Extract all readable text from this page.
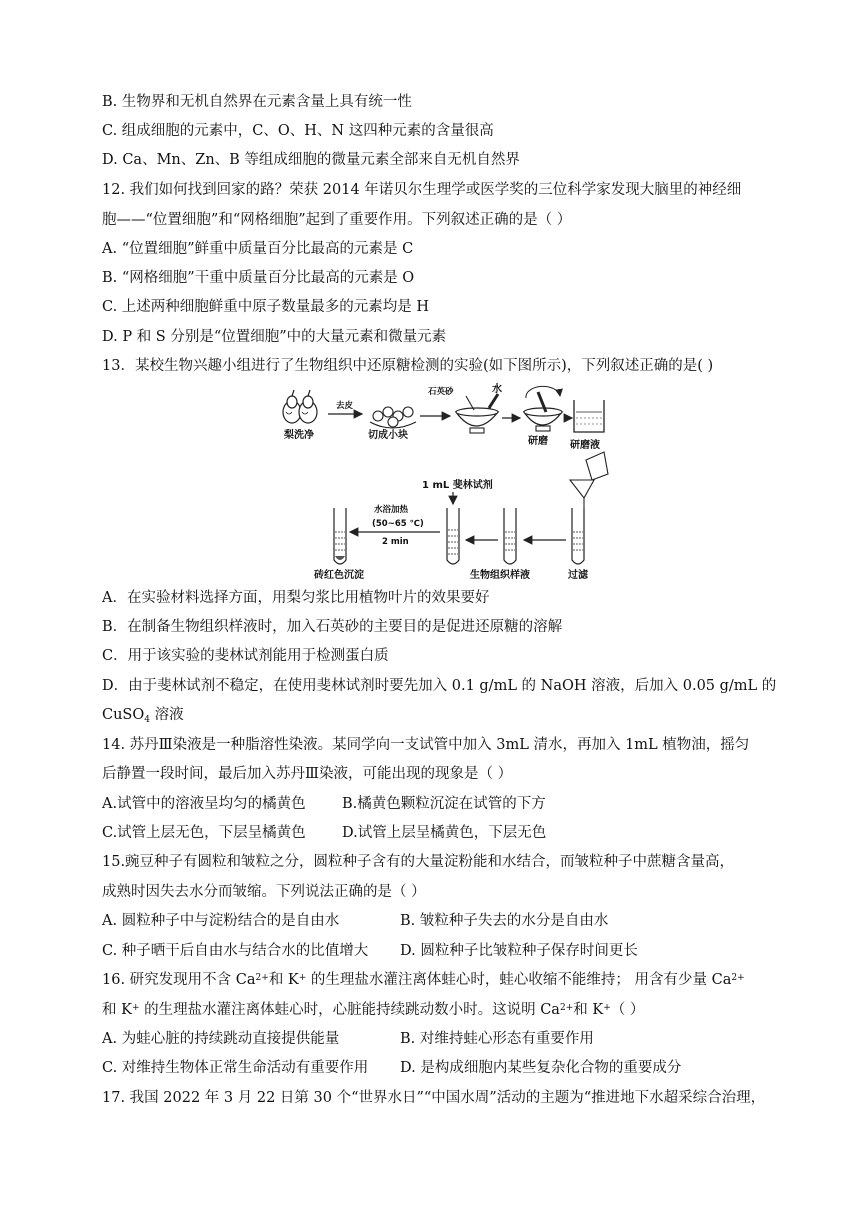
B. 生物界和无机自然界在元素含量上具有统一性
C. 组成细胞的元素中，C、O、H、N 这四种元素的含量很高
D. Ca、Mn、Zn、B 等组成细胞的微量元素全部来自无机自然界
12. 我们如何找到回家的路？荣获 2014 年诺贝尔生理学或医学奖的三位科学家发现大脑里的神经细
胞——“位置细胞”和“网格细胞”起到了重要作用。下列叙述正确的是（ ）
A. “位置细胞”鲜重中质量百分比最高的元素是 C
B. “网格细胞”干重中质量百分比最高的元素是 O
C. 上述两种细胞鲜重中原子数量最多的元素均是 H
D. P 和 S 分别是“位置细胞”中的大量元素和微量元素
13．某校生物兴趣小组进行了生物组织中还原糖检测的实验(如下图所示)，下列叙述正确的是( )
梨洗净
去皮
切成小块
石英砂	水
研磨 研磨液
过滤
生物组织样液
1 mL 斐林试剂
水浴加热
(50~65 ℃)
2 min
砖红色沉淀
A．在实验材料选择方面，用梨匀浆比用植物叶片的效果要好
B．在制备生物组织样液时，加入石英砂的主要目的是促进还原糖的溶解
C．用于该实验的斐林试剂能用于检测蛋白质
D．由于斐林试剂不稳定，在使用斐林试剂时要先加入 0.1 g/mL 的 NaOH 溶液，后加入 0.05 g/mL 的
CuSO$_4$ 溶液
14. 苏丹Ⅲ染液是一种脂溶性染液。某同学向一支试管中加入 3mL 清水，再加入 1mL 植物油，摇匀
后静置一段时间，最后加入苏丹Ⅲ染液，可能出现的现象是（ ）
A.试管中的溶液呈均匀的橘黄色	B.橘黄色颗粒沉淀在试管的下方
C.试管上层无色，下层呈橘黄色	D.试管上层呈橘黄色，下层无色
15.豌豆种子有圆粒和皱粒之分，圆粒种子含有的大量淀粉能和水结合，而皱粒种子中蔗糖含量高，
成熟时因失去水分而皱缩。下列说法正确的是（ ）
A. 圆粒种子中与淀粉结合的是自由水	B. 皱粒种子失去的水分是自由水
C. 种子晒干后自由水与结合水的比值增大 D. 圆粒种子比皱粒种子保存时间更长
16. 研究发现用不含 $Ca^{2+}$和 K+ 的生理盐水灌注离体蛙心时，蛙心收缩不能维持； 用含有少量 $Ca^{2+}$
和 K+ 的生理盐水灌注离体蛙心时，心脏能持续跳动数小时。这说明 $Ca^{2+}$和 K+（ ）
A. 为蛙心脏的持续跳动直接提供能量	B. 对维持蛙心形态有重要作用
C. 对维持生物体正常生命活动有重要作用 D. 是构成细胞内某些复杂化合物的重要成分
17. 我国 2022 年 3 月 22 日第 30 个“世界水日”“中国水周”活动的主题为“推进地下水超采综合治理，
